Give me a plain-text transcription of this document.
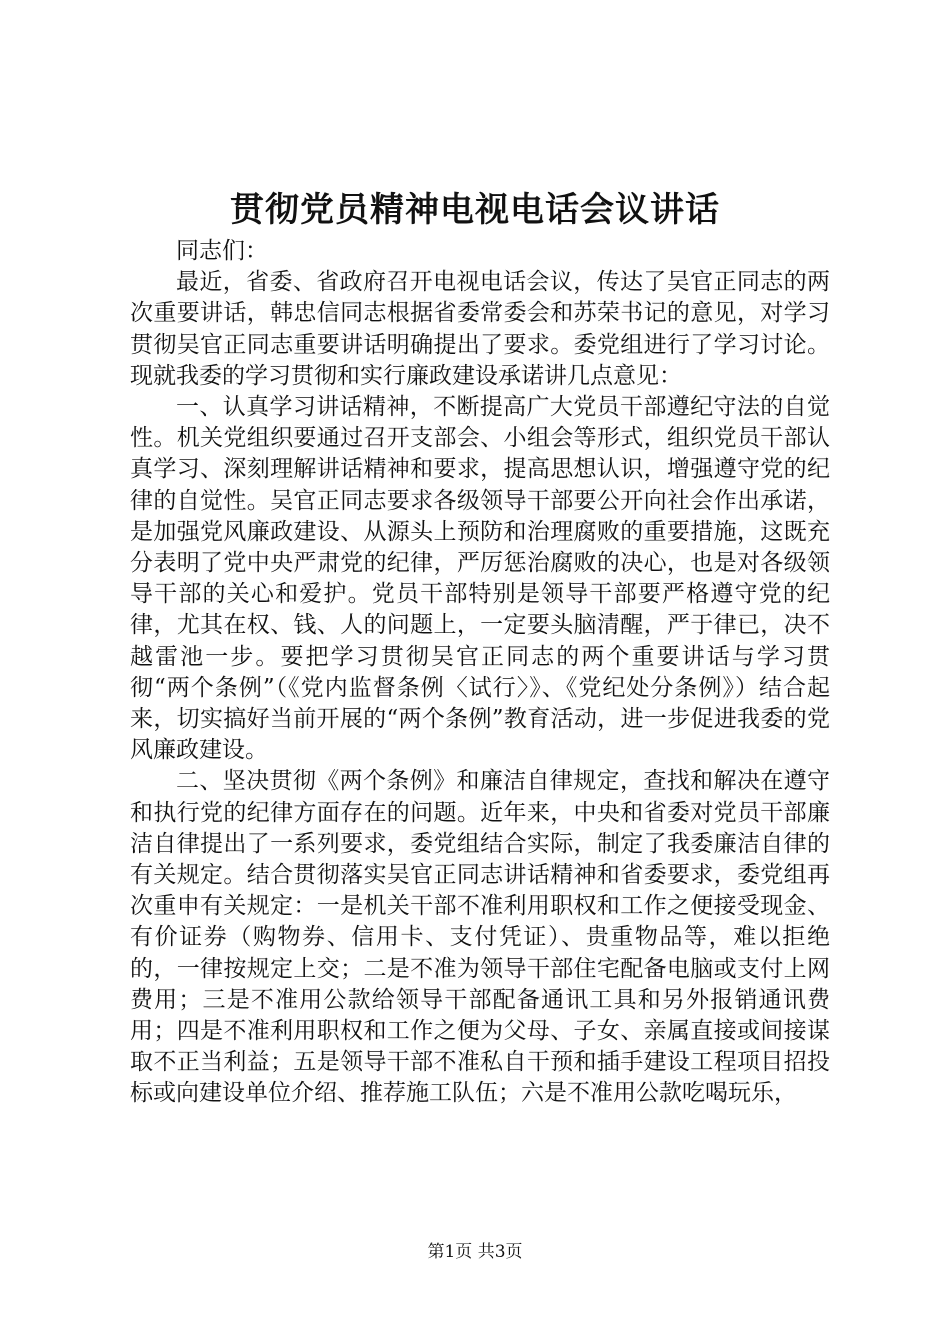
贯彻党员精神电视电话会议讲话

同志们：

最近，省委、省政府召开电视电话会议，传达了吴官正同志的两次重要讲话，韩忠信同志根据省委常委会和苏荣书记的意见，对学习贯彻吴官正同志重要讲话明确提出了要求。委党组进行了学习讨论。现就我委的学习贯彻和实行廉政建设承诺讲几点意见：

一、认真学习讲话精神，不断提高广大党员干部遵纪守法的自觉性。机关党组织要通过召开支部会、小组会等形式，组织党员干部认真学习、深刻理解讲话精神和要求，提高思想认识，增强遵守党的纪律的自觉性。吴官正同志要求各级领导干部要公开向社会作出承诺，是加强党风廉政建设、从源头上预防和治理腐败的重要措施，这既充分表明了党中央严肃党的纪律，严厉惩治腐败的决心，也是对各级领导干部的关心和爱护。党员干部特别是领导干部要严格遵守党的纪律，尤其在权、钱、人的问题上，一定要头脑清醒，严于律已，决不越雷池一步。要把学习贯彻吴官正同志的两个重要讲话与学习贯彻“两个条例”（《党内监督条例〈试行〉》、《党纪处分条例》）结合起来，切实搞好当前开展的“两个条例”教育活动，进一步促进我委的党风廉政建设。

二、坚决贯彻《两个条例》和廉洁自律规定，查找和解决在遵守和执行党的纪律方面存在的问题。近年来，中央和省委对党员干部廉洁自律提出了一系列要求，委党组结合实际，制定了我委廉洁自律的有关规定。结合贯彻落实吴官正同志讲话精神和省委要求，委党组再次重申有关规定：一是机关干部不准利用职权和工作之便接受现金、有价证券（购物券、信用卡、支付凭证）、贵重物品等，难以拒绝的，一律按规定上交；二是不准为领导干部住宅配备电脑或支付上网费用；三是不准用公款给领导干部配备通讯工具和另外报销通讯费用；四是不准利用职权和工作之便为父母、子女、亲属直接或间接谋取不正当利益；五是领导干部不准私自干预和插手建设工程项目招投标或向建设单位介绍、推荐施工队伍；六是不准用公款吃喝玩乐，

第1页 共3页
